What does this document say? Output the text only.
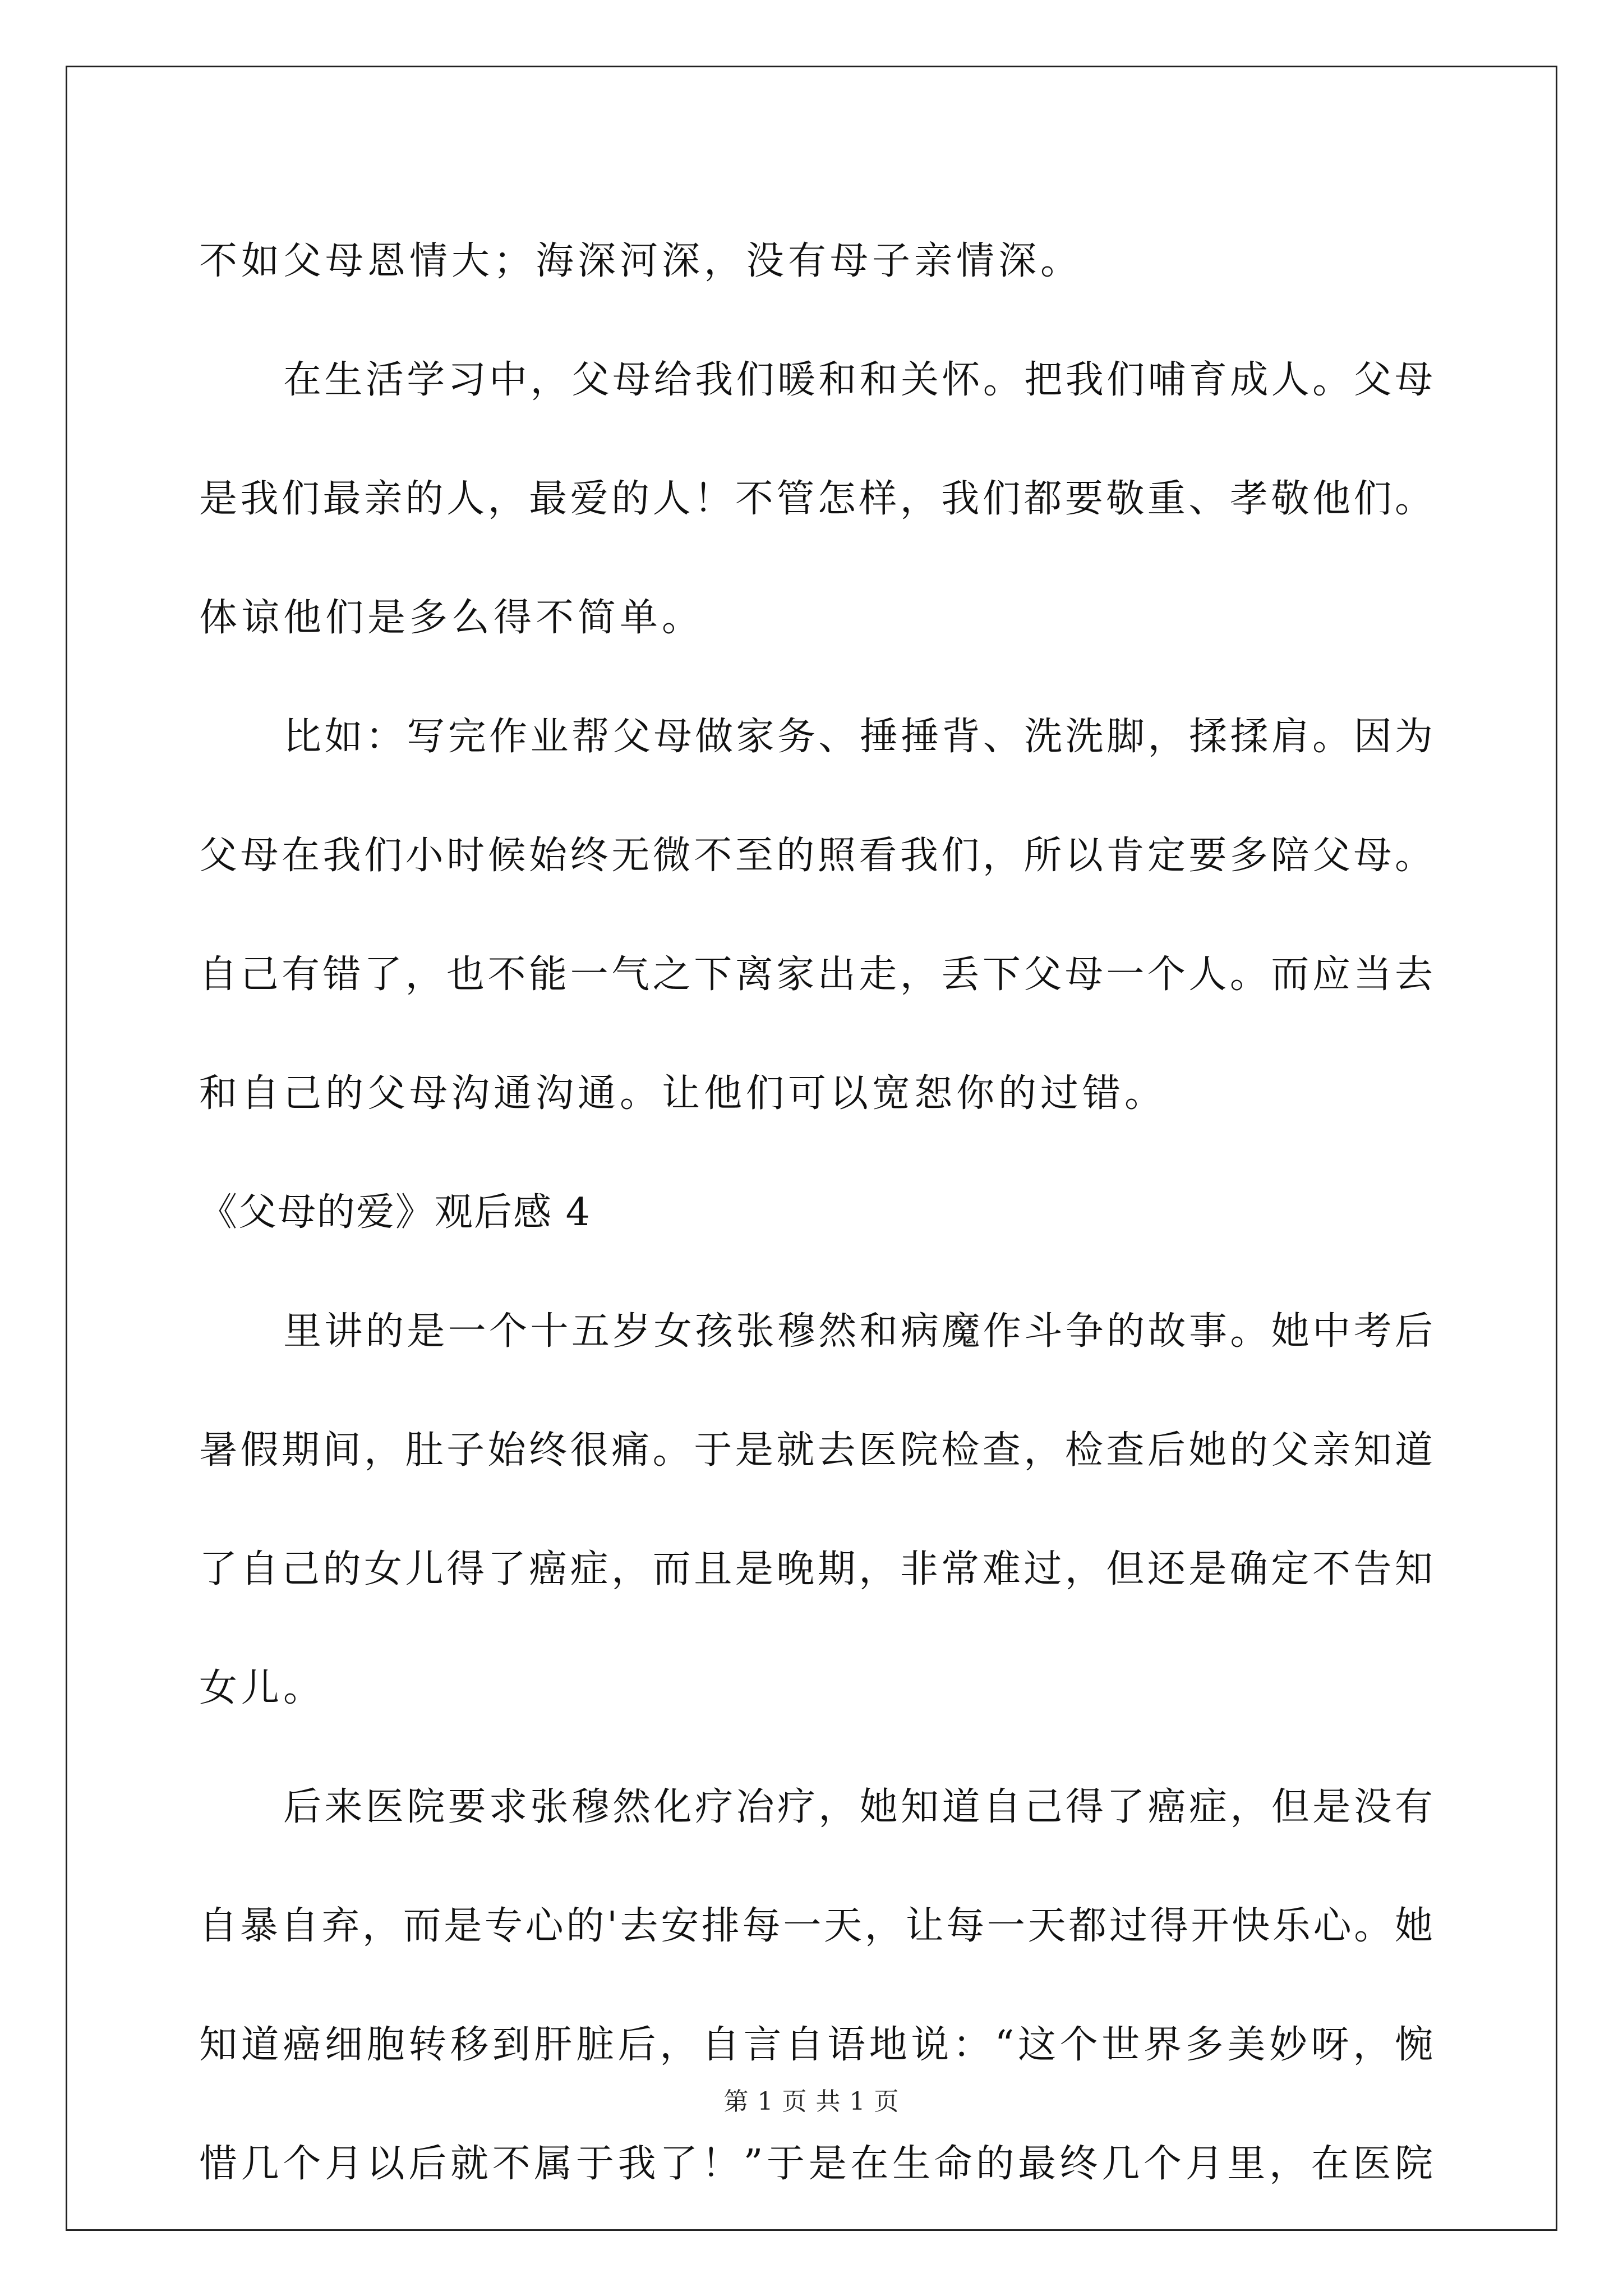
不如父母恩情大；海深河深，没有母子亲情深。
在生活学习中，父母给我们暖和和关怀。把我们哺育成人。父母
是我们最亲的人，最爱的人！不管怎样，我们都要敬重、孝敬他们。
体谅他们是多么得不简单。
比如：写完作业帮父母做家务、捶捶背、洗洗脚，揉揉肩。因为
父母在我们小时候始终无微不至的照看我们，所以肯定要多陪父母。
自己有错了，也不能一气之下离家出走，丢下父母一个人。而应当去
和自己的父母沟通沟通。让他们可以宽恕你的过错。
《父母的爱》观后感 4
里讲的是一个十五岁女孩张穆然和病魔作斗争的故事。她中考后
暑假期间，肚子始终很痛。于是就去医院检查，检查后她的父亲知道
了自己的女儿得了癌症，而且是晚期，非常难过，但还是确定不告知
女儿。
后来医院要求张穆然化疗冶疗，她知道自己得了癌症，但是没有
自暴自弃，而是专心的'去安排每一天，让每一天都过得开快乐心。她
知道癌细胞转移到肝脏后，自言自语地说：“这个世界多美妙呀，惋
惜几个月以后就不属于我了！”于是在生命的最终几个月里，在医院
第 1 页 共 1 页
